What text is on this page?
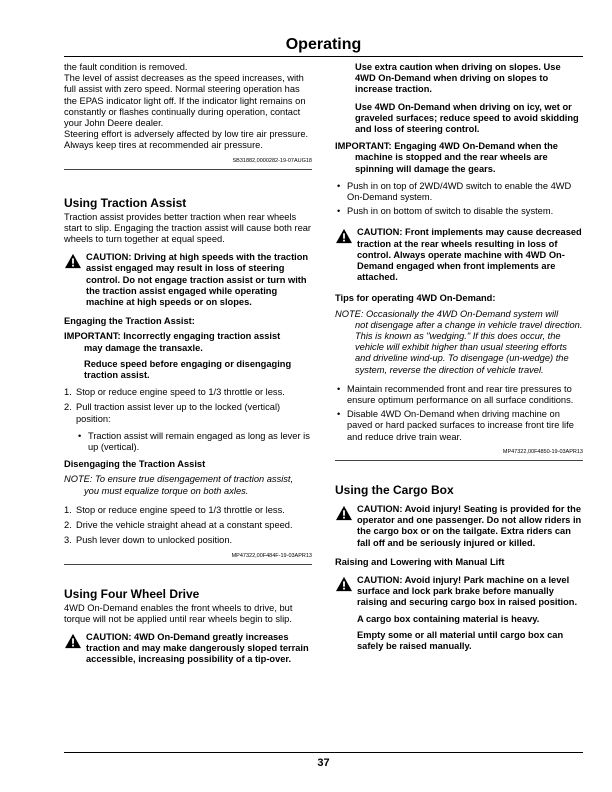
Operating

the fault condition is removed.

The level of assist decreases as the speed increases, with full assist with zero speed. Normal steering operation has the EPAS indicator light off. If the indicator light remains on constantly or flashes continually during operation, contact your John Deere dealer.

Steering effort is adversely affected by low tire air pressure. Always keep tires at recommended air pressure.

SB31882,0000282-19-07AUG18
Using Traction Assist

Traction assist provides better traction when rear wheels start to slip. Engaging the traction assist will cause both rear wheels to turn together at equal speed.

CAUTION: Driving at high speeds with the traction assist engaged may result in loss of steering control. Do not engage traction assist or turn with the traction assist engaged while operating machine at high speeds or on slopes.
Engaging the Traction Assist:
IMPORTANT: Incorrectly engaging traction assist
may damage the transaxle.
Reduce speed before engaging or disengaging traction assist.
1. Stop or reduce engine speed to 1/3 throttle or less.
2. Pull traction assist lever up to the locked (vertical) position:
• Traction assist will remain engaged as long as lever is up (vertical).
Disengaging the Traction Assist
NOTE: To ensure true disengagement of traction assist,
you must equalize torque on both axles.
1. Stop or reduce engine speed to 1/3 throttle or less.
2. Drive the vehicle straight ahead at a constant speed.
3. Push lever down to unlocked position.
MP47322,00F484F-19-03APR13
Using Four Wheel Drive

4WD On-Demand enables the front wheels to drive, but torque will not be applied until rear wheels begin to slip.

CAUTION: 4WD On-Demand greatly increases traction and may make dangerously sloped terrain accessible, increasing possibility of a tip-over.

Use extra caution when driving on slopes. Use 4WD On-Demand when driving on slopes to increase traction.

Use 4WD On-Demand when driving on icy, wet or graveled surfaces; reduce speed to avoid skidding and loss of steering control.

IMPORTANT: Engaging 4WD On-Demand when the
machine is stopped and the rear wheels are spinning will damage the gears.
• Push in on top of 2WD/4WD switch to enable the 4WD On-Demand system.
• Push in on bottom of switch to disable the system.
CAUTION: Front implements may cause decreased traction at the rear wheels resulting in loss of control. Always operate machine with 4WD On-Demand engaged when front implements are attached.
Tips for operating 4WD On-Demand:
NOTE: Occasionally the 4WD On-Demand system will
not disengage after a change in vehicle travel direction. This is known as "wedging." If this does occur, the vehicle will exhibit higher than usual steering efforts and driveline wind-up. To disengage (un-wedge) the system, reverse the direction of vehicle travel.
• Maintain recommended front and rear tire pressures to ensure optimum performance on all surface conditions.
• Disable 4WD On-Demand when driving machine on paved or hard packed surfaces to increase front tire life and reduce drive train wear.
MP47322,00F4850-19-03APR13
Using the Cargo Box
CAUTION: Avoid injury! Seating is provided for the operator and one passenger. Do not allow riders in the cargo box or on the tailgate. Extra riders can fall off and be seriously injured or killed.
Raising and Lowering with Manual Lift
CAUTION: Avoid injury! Park machine on a level surface and lock park brake before manually raising and securing cargo box in raised position.
A cargo box containing material is heavy.
Empty some or all material until cargo box can safely be raised manually.
37
